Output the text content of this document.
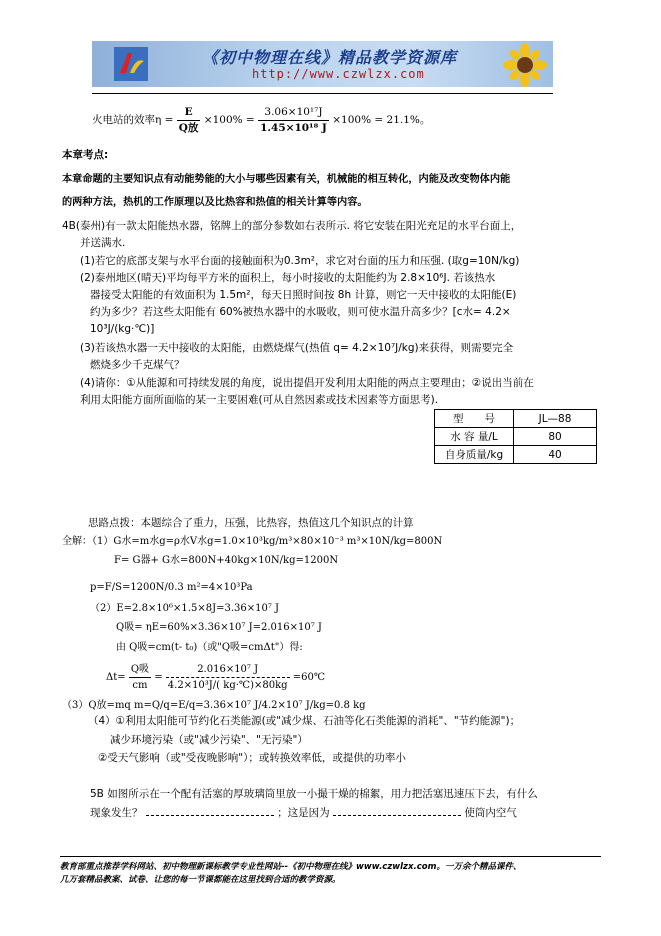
《初中物理在线》精品教学资源库
http://www.czwlzx.com
火电站的效率$\eta = \frac{E}{\text{Q放}} \times 100\% = \frac{\text{3.06×10¹⁷J}}{\text{1.45×10¹⁸ J}} \times 100\% = 21.1\%$。
本章考点:
本章命题的主要知识点有动能势能的大小与哪些因素有关，机械能的相互转化，内能及改变物体内能
的两种方法，热机的工作原理以及比热容和热值的相关计算等内容。
4B(泰州)有一款太阳能热水器，铭牌上的部分参数如右表所示. 将它安装在阳光充足的水平台面上，
并送满水.
(1)若它的底部支架与水平台面的接触面积为0.3m²，求它对台面的压力和压强. (取g=10N/kg)
(2)泰州地区(晴天)平均每平方米的面积上，每小时接收的太阳能约为 2.8×10⁶J. 若该热水
器接受太阳能的有效面积为 1.5m²，每天日照时间按 8h 计算，则它一天中接收的太阳能(E)
约为多少？若这些太阳能有 60%被热水器中的水吸收，则可使水温升高多少？[c水= 4.2×
10³J/(kg·℃)]
(3)若该热水器一天中接收的太阳能，由燃烧煤气(热值 q= 4.2×10⁷J/kg)来获得，则需要完全
燃烧多少千克煤气？
(4)请你：①从能源和可持续发展的角度，说出提倡开发利用太阳能的两点主要理由；②说出当前在
利用太阳能方面所面临的某一主要困难(可从自然因素或技术因素等方面思考).
型　　号	JL—88
水 容 量/L	80
自身质量/kg	40
思路点拨：本题综合了重力，压强，比热容，热值这几个知识点的计算
全解：（1）G水=m水g=ρ水V水g=1.0×10³kg/m³×80×10⁻³ m³×10N/kg=800N
F= G器+ G水=800N+40kg×10N/kg=1200N
p=F/S=1200N/0.3 m²=4×10³Pa
（2）E=2.8×10⁶×1.5×8J=3.36×10⁷ J
Q吸= ηE=60%×3.36×10⁷ J=2.016×10⁷ J
由 Q吸=cm(t- t₀)（或"Q吸=cmΔt"）得:
$\Delta t= \frac{\text{Q吸}}{cm} = \frac{\text{2.016×10⁷ J}}{\text{4.2×10³J/( kg·℃)×80kg}}$ =60℃
（3）Q放=mq m=Q/q=E/q=3.36×10⁷ J/4.2×10⁷ J/kg=0.8 kg
（4）①利用太阳能可节约化石类能源(或"减少煤、石油等化石类能源的消耗"、"节约能源")；
减少环境污染（或"减少污染"、"无污染"）
②受天气影响（或"受夜晚影响"）；或转换效率低，或提供的功率小
5B 如图所示在一个配有活塞的厚玻璃筒里放一小撮干燥的棉絮，用力把活塞迅速压下去，有什么
现象发生？	；这是因为	使筒内空气
教育部重点推荐学科网站、初中物理新课标教学专业性网站--《初中物理在线》www.czwlzx.com。一万余个精品课件、
几万套精品教案、试卷、让您的每一节课都能在这里找到合适的教学资源。
